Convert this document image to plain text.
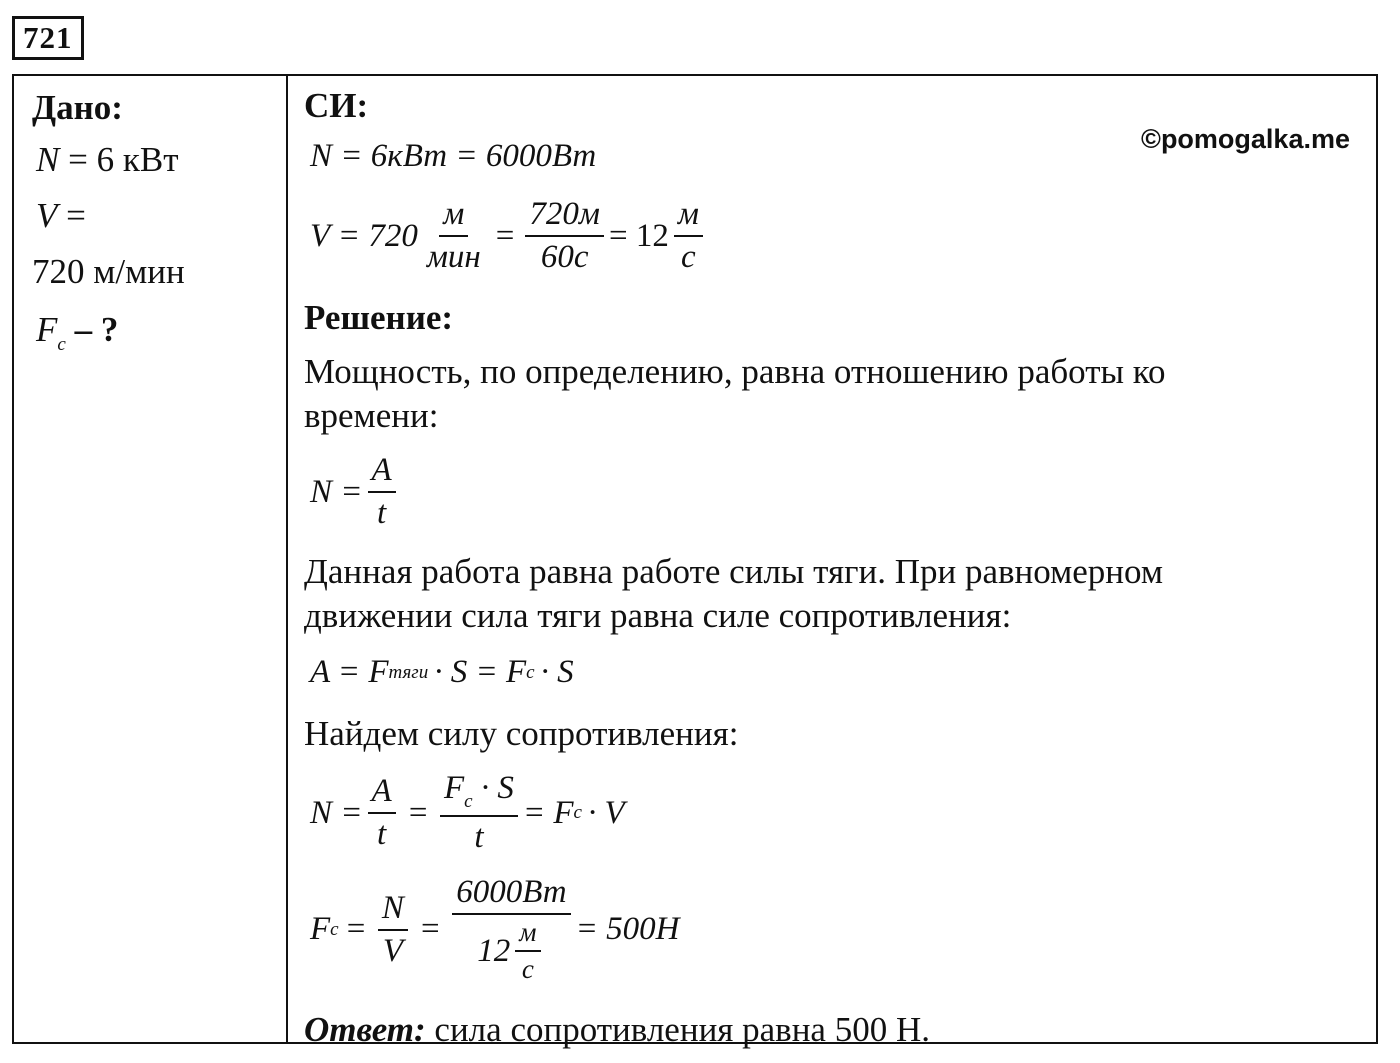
721
Дано:
N = 6 кВт
V =
720 м/мин
$F_c$ – ?
©pomogalka.me
СИ:
N = 6кВт = 6000Вт
$V = 720 \frac{м}{\text{мин}} = \frac{720м}{60с} = 12 \frac{м}{с}$
Решение:
Мощность, по определению, равна отношению работы ко
времени:
$N = \frac{A}{t}$
Данная работа равна работе силы тяги. При равномерном
движении сила тяги равна силе сопротивления:
A = F тяги · S = F c · S
Найдем силу сопротивления:
$N = \frac{A}{t} = \frac{F_c \cdot S}{t} = F$ c · V
F $c = \frac{N}{V} = \frac{6000Вт}{12 \frac{м}{с}} = 500Н$
Ответ: сила сопротивления равна 500 Н.
